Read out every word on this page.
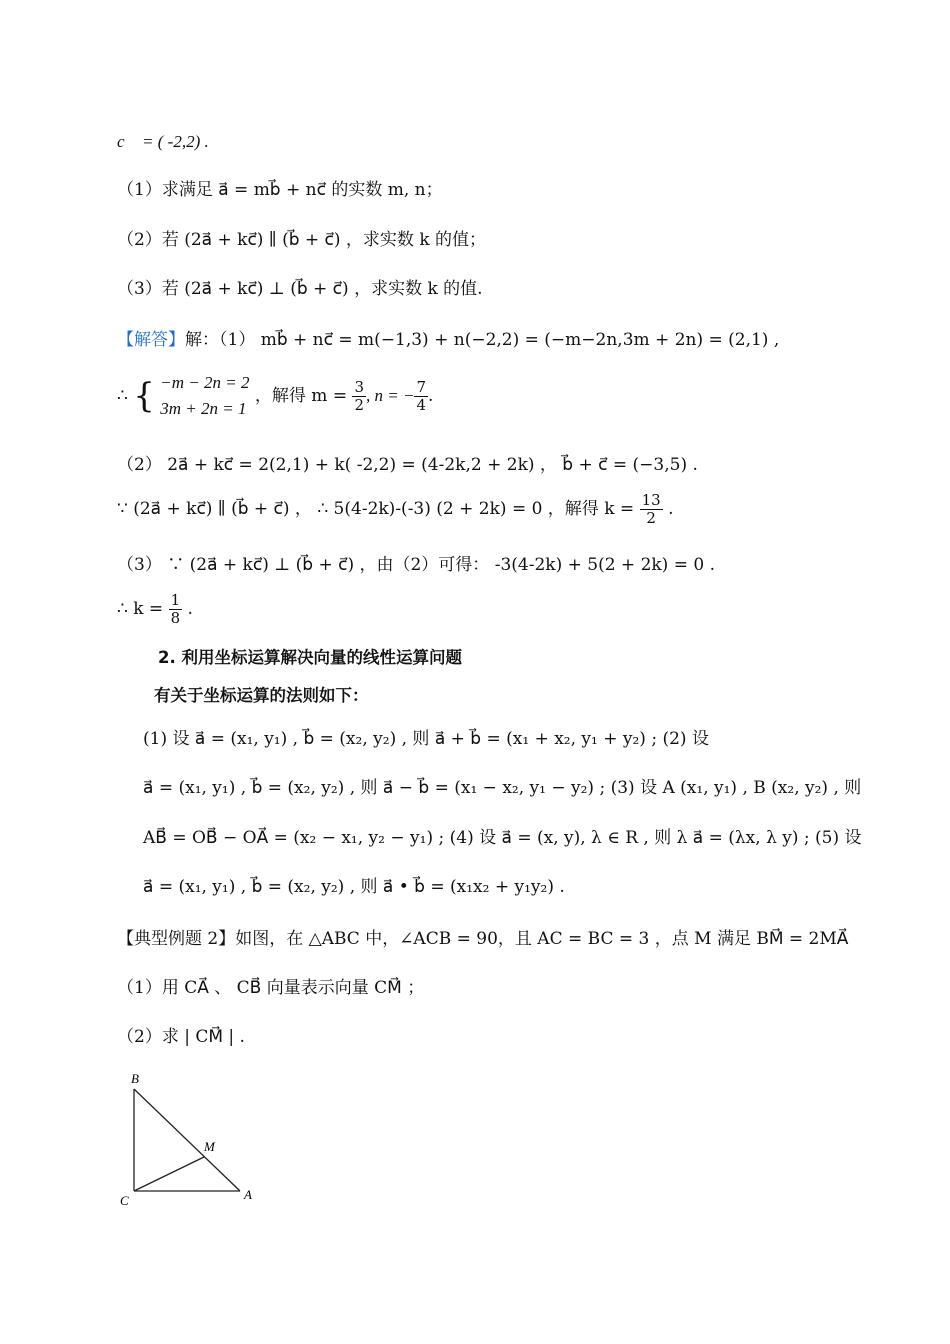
c⃗ = ( -2,2) .
（1）求满足 a⃗ = mb⃗ + nc⃗ 的实数 m, n；
（2）若 (2a⃗ + kc⃗) ∥ (b⃗ + c⃗) ，求实数 k 的值；
（3）若 (2a⃗ + kc⃗) ⊥ (b⃗ + c⃗) ，求实数 k 的值.
【解答】解：（1） mb⃗ + nc⃗ = m(−1,3) + n(−2,2) = (−m−2n,3m + 2n) = (2,1) ,
∴ { −m − 2n = 2
3m + 2n = 1
，解得 $m = \frac{3}{2}$ , n = − $\frac{7}{4}$ .
（2） 2a⃗ + kc⃗ = 2(2,1) + k( -2,2) = (4-2k,2 + 2k) ， b⃗ + c⃗ = (−3,5) .
∵ (2a⃗ + kc⃗) ∥ (b⃗ + c⃗) ， ∴ 5(4-2k)-(-3) (2 + 2k) = 0 ，解得 $k = \frac{13}{2}$ .
（3） ∵ (2a⃗ + kc⃗) ⊥ (b⃗ + c⃗) ，由（2）可得： -3(4-2k) + 5(2 + 2k) = 0 .
∴ $k = \frac{1}{8}$ .
2. 利用坐标运算解决向量的线性运算问题
有关于坐标运算的法则如下：
(1) 设 a⃗ = (x₁, y₁) , b⃗ = (x₂, y₂) , 则 a⃗ + b⃗ = (x₁ + x₂, y₁ + y₂) ; (2) 设
a⃗ = (x₁, y₁) , b⃗ = (x₂, y₂) , 则 a⃗ − b⃗ = (x₁ − x₂, y₁ − y₂) ; (3) 设 A (x₁, y₁) , B (x₂, y₂) , 则
AB⃗ = OB⃗ − OA⃗ = (x₂ − x₁, y₂ − y₁) ; (4) 设 a⃗ = (x, y), λ ∈ R , 则 λ a⃗ = (λx, λ y) ; (5) 设
a⃗ = (x₁, y₁) , b⃗ = (x₂, y₂) , 则 a⃗ • b⃗ = (x₁x₂ + y₁y₂) .
【典型例题 2】如图，在 △ABC 中，∠ACB = 90，且 AC = BC = 3 ，点 M 满足 BM⃗ = 2MA⃗
（1）用 CA⃗ 、 CB⃗ 向量表示向量 CM⃗ ；
（2）求 | CM⃗ | .
B
M
C	A
